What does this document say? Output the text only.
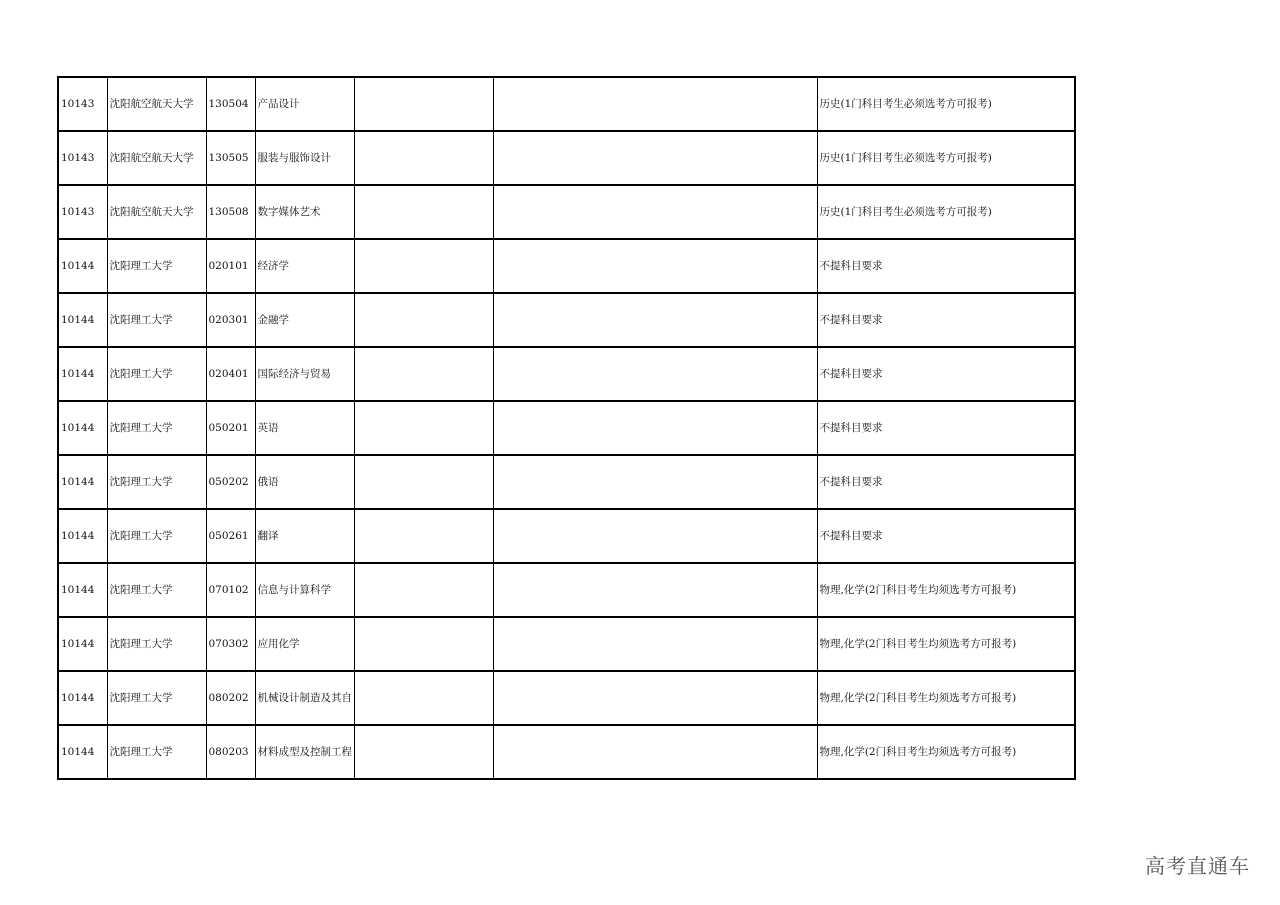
10143	沈阳航空航天大学	130504	产品设计			历史(1门科目考生必须选考方可报考)
10143	沈阳航空航天大学	130505	服装与服饰设计			历史(1门科目考生必须选考方可报考)
10143	沈阳航空航天大学	130508	数字媒体艺术			历史(1门科目考生必须选考方可报考)
10144	沈阳理工大学	020101	经济学			不提科目要求
10144	沈阳理工大学	020301	金融学			不提科目要求
10144	沈阳理工大学	020401	国际经济与贸易			不提科目要求
10144	沈阳理工大学	050201	英语			不提科目要求
10144	沈阳理工大学	050202	俄语			不提科目要求
10144	沈阳理工大学	050261	翻译			不提科目要求
10144	沈阳理工大学	070102	信息与计算科学			物理,化学(2门科目考生均须选考方可报考)
10144	沈阳理工大学	070302	应用化学			物理,化学(2门科目考生均须选考方可报考)
10144	沈阳理工大学	080202	机械设计制造及其自			物理,化学(2门科目考生均须选考方可报考)
10144	沈阳理工大学	080203	材料成型及控制工程			物理,化学(2门科目考生均须选考方可报考)
高考直通车
